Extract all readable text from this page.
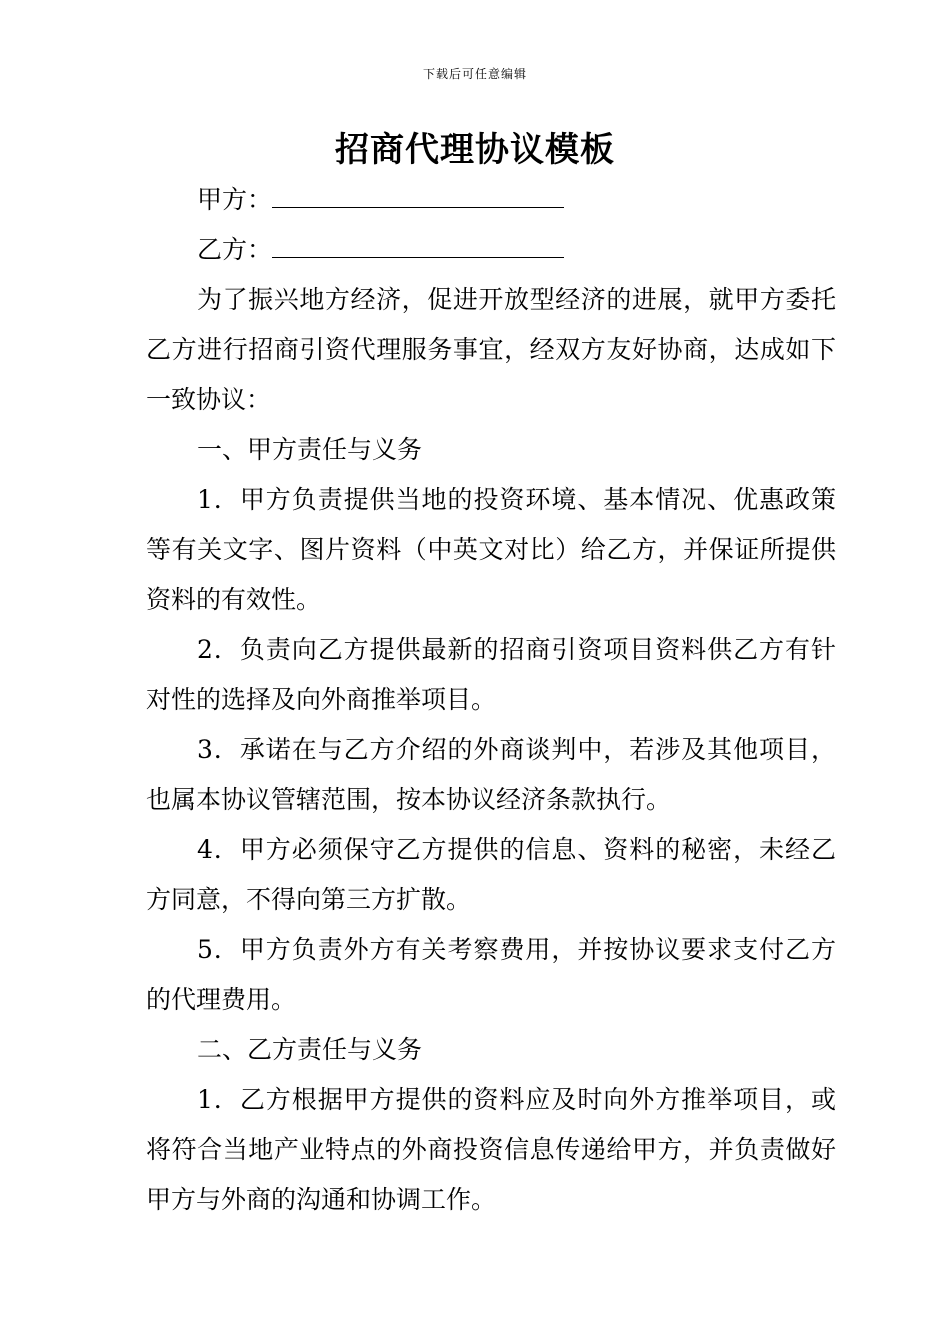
下载后可任意编辑
招商代理协议模板

甲方：

乙方：

为了振兴地方经济，促进开放型经济的进展，就甲方委托乙方进行招商引资代理服务事宜，经双方友好协商，达成如下一致协议：

一、甲方责任与义务

1．甲方负责提供当地的投资环境、基本情况、优惠政策等有关文字、图片资料（中英文对比）给乙方，并保证所提供资料的有效性。

2．负责向乙方提供最新的招商引资项目资料供乙方有针对性的选择及向外商推举项目。

3．承诺在与乙方介绍的外商谈判中，若涉及其他项目，也属本协议管辖范围，按本协议经济条款执行。

4．甲方必须保守乙方提供的信息、资料的秘密，未经乙方同意，不得向第三方扩散。

5．甲方负责外方有关考察费用，并按协议要求支付乙方的代理费用。

二、乙方责任与义务

1．乙方根据甲方提供的资料应及时向外方推举项目，或将符合当地产业特点的外商投资信息传递给甲方，并负责做好甲方与外商的沟通和协调工作。
